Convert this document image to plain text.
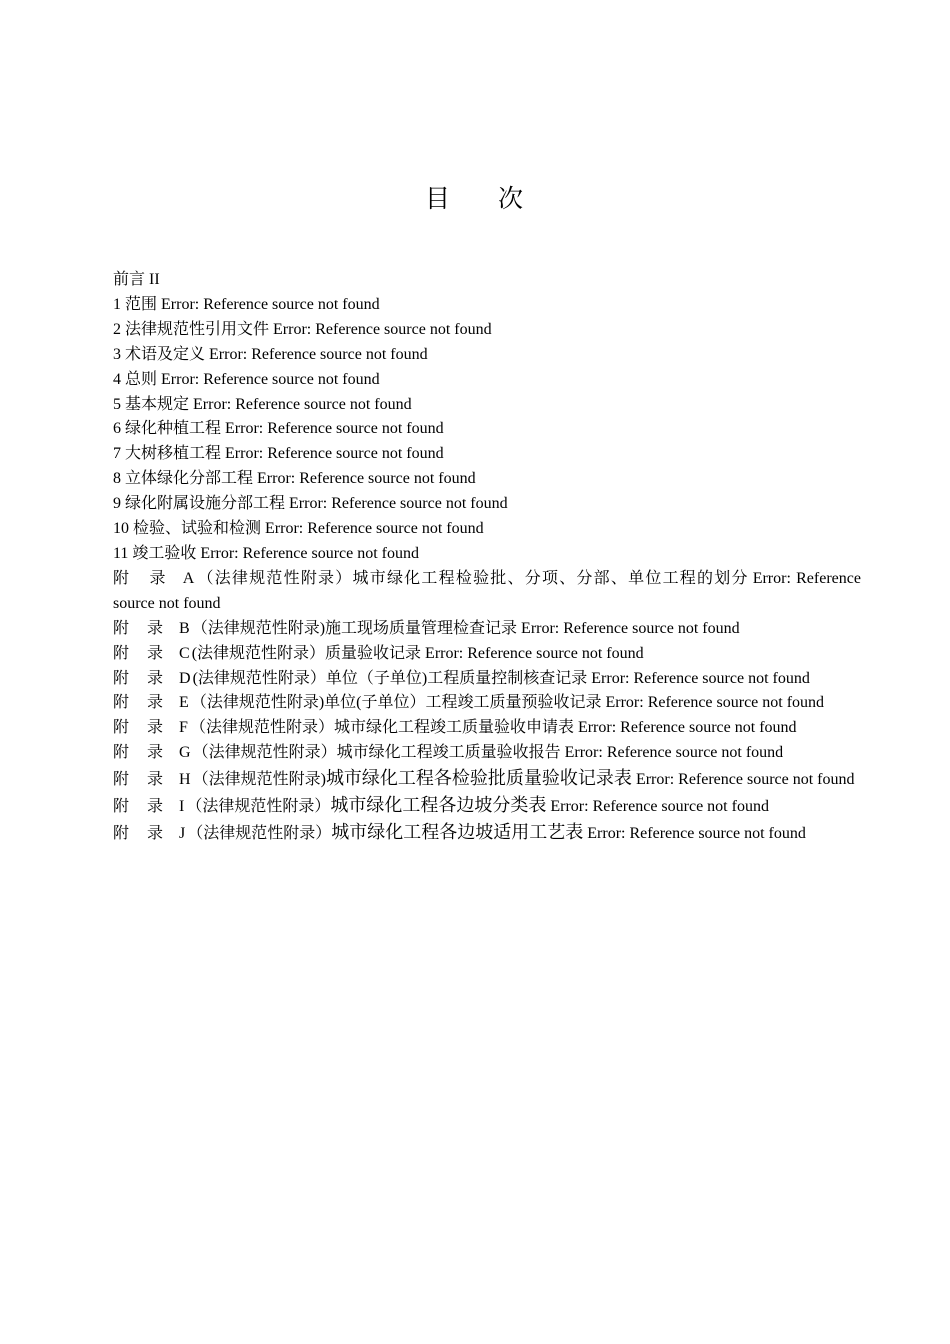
目 次
前言 II
1 范围 Error: Reference source not found
2 法律规范性引用文件 Error: Reference source not found
3 术语及定义 Error: Reference source not found
4 总则 Error: Reference source not found
5 基本规定 Error: Reference source not found
6 绿化种植工程 Error: Reference source not found
7 大树移植工程 Error: Reference source not found
8 立体绿化分部工程 Error: Reference source not found
9 绿化附属设施分部工程 Error: Reference source not found
10 检验、试验和检测 Error: Reference source not found
11 竣工验收 Error: Reference source not found
附 录 A （法律规范性附录）城市绿化工程检验批、分项、分部、单位工程的划分 Error: Reference source not found
附 录 B （法律规范性附录)施工现场质量管理检查记录 Error: Reference source not found
附 录 C (法律规范性附录）质量验收记录 Error: Reference source not found
附 录 D (法律规范性附录）单位（子单位)工程质量控制核查记录 Error: Reference source not found
附 录 E （法律规范性附录)单位(子单位）工程竣工质量预验收记录 Error: Reference source not found
附 录 F （法律规范性附录）城市绿化工程竣工质量验收申请表 Error: Reference source not found
附 录 G （法律规范性附录）城市绿化工程竣工质量验收报告 Error: Reference source not found
附 录 H （法律规范性附录)城市绿化工程各检验批质量验收记录表 Error: Reference source not found
附 录 I （法律规范性附录）城市绿化工程各边坡分类表 Error: Reference source not found
附 录 J （法律规范性附录）城市绿化工程各边坡适用工艺表 Error: Reference source not found
